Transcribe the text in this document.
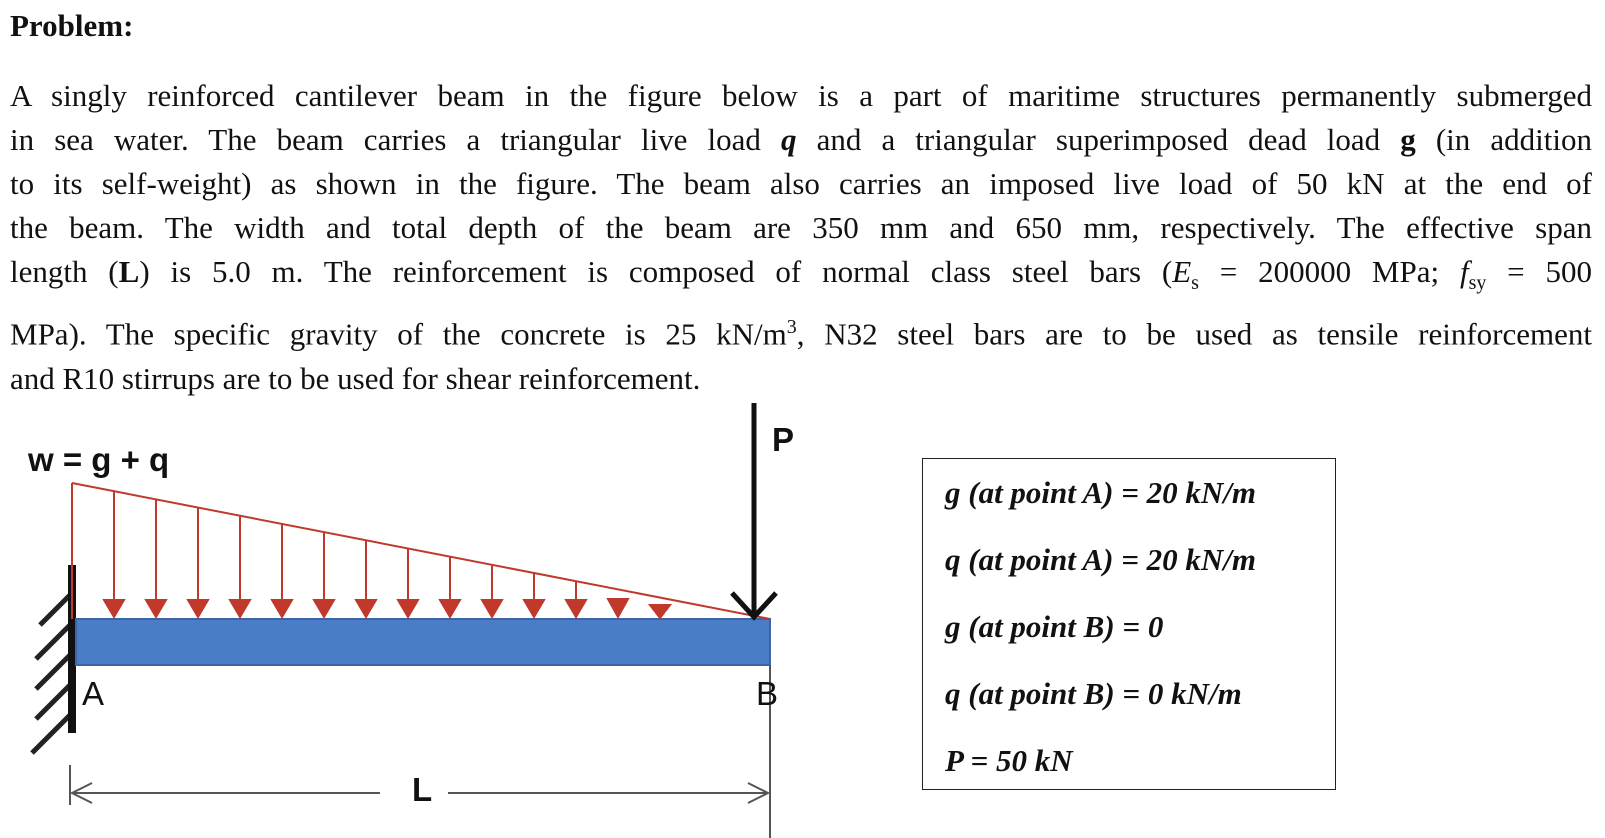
Problem:
A singly reinforced cantilever beam in the figure below is a part of maritime structures permanently submerged
in sea water. The beam carries a triangular live load q and a triangular superimposed dead load g (in addition
to its self-weight) as shown in the figure. The beam also carries an imposed live load of 50 kN at the end of
the beam. The width and total depth of the beam are 350 mm and 650 mm, respectively. The effective span
length (L) is 5.0 m. The reinforcement is composed of normal class steel bars ($E_s = 200000$ MPa; $f_{sy} = 500$
MPa). The specific gravity of the concrete is 25 $kN/m^3$, N32 steel bars are to be used as tensile reinforcement
and R10 stirrups are to be used for shear reinforcement.
w = g + q
P
A	B
L
g (at point A) = 20 kN/m
q (at point A) = 20 kN/m
g (at point B) = 0
q (at point B) = 0 kN/m
P = 50 kN
